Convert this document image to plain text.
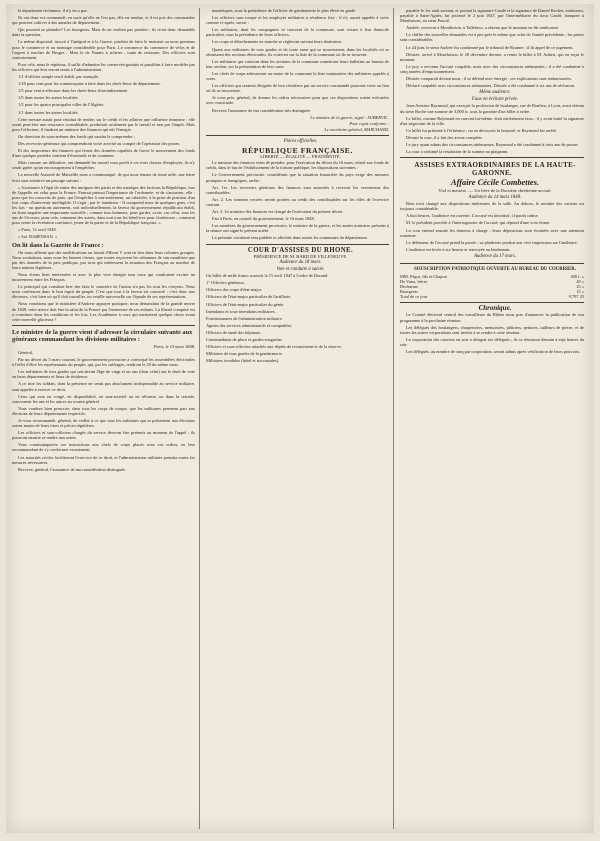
le department réclamera, il n'y en a pas.

Ils ont donc est commandé, en sorte qu'elle ne l'est pas, elle est rendue, et il est pris des commandes qui peuvent cultiver à des annales de département.

Qui pourrait se plaindre? Les bourgeois. Mais ils ne veulent pas prendre ; ils n'ont donc demandés dans la question.

Le même dispositif, inscrit à l'intégral et à la Guerre, prudent de faire le moment ou nous prenions pour le commerce et un montage considérable pour Paris. Le commerce du commerce de vélos et de l'argent à toucher de Bruges ; Mais le de Nantes à acheter ; toute de restaurer. Des officiers sont contrairement.

Pour cela, nous le répétons, il suffit d'admettre les conservés-gratuits et passibles à faire modeler par les officiers qui leur seront remis à l'administration.

1/1 d'officier simple terrif établi, par exemple,

1/10 pour cent pour les commençants à faire dans les chefs-lieux de département.

1/5 pour cent à effectuer dans les chefs-lieux d'arrondissement.

1/5 dans toutes les autres localités.

1/2 pour les quatre principales villes de l'Algérie.

1/1 dans toutes les autres localités.

Cette mesure aurait pour résultat de rendre, sur le crédit et les affaires une influence immense ; elle serait peut-être une ressource considérable, produirait seulement par le travail et non par l'impôt. Mais pour l'effectuer, il faudrait un ministre des finances qui eût l'énergie.

On direction de nous-mêmes des fonds qui vaudra le comprendre ;

Des recevoirs-généraux qui comprendront votre activité au compte de l'opération des postes.

Et des inspecteurs des finances qui feront des données capables de forcer le mouvement des fonds d'une quelque prendre contient d'éventuels et de comment.

Mais comme, un définitive, ont demandé les travail vous profit à ces trois classes d'employés, ils n'y serait guère qu'un encouragement à l'empêcher.

La nouvelle Autorité de Marseille nous a communiqué, de qui nous tenons de toute utile, une lettre écrit sans attentive un passage suivant :

« Assistance à l'égal de entier des intrigues des partis et des manèges des factions la République, lors de l'appelle est celui pour la France. Partout partout l'importance de l'ordonnée, et de s'autoriser, elle ; pour que les conscrits de paix, qui l'empêcher à son-seulement, un cabriolet, à la prise de position d'un fort corps d'intervenir intelligible. Il s'agit ; par le fondateur - Il comprend nous de quelques gens, c'est les fais - un questions autrement, soit individuellement, la faveur du gouvernement républicain établi, en étant naguère une importante nouvelle ; comme tous hommes, pour garder, avoir, car celui, tous les ans de l'écouter, pour cela, comment des autres, dans tout tous les bénéfices pour s'intéresser ; comment pour sentir la récréation confiance, jeune de la patrie et de la République française. »

« Paris, 12 avril 1848.

« Sal. RABENSAN. »

On lit dans la Gazette de France :

On nous affirme que des modifications on faisait d'Henri V sont en lieu dans leurs colonies groupes. Nous souhaitons, nous vous les bonnes choses, que toutes reçoivent les tribunaux de son manifeste que par des données de la paix publique, par trois qui intéressent la situation des Français au nombre de leurs nations légitimes.

Nous étions bien intéressées et avec la plus vive énergie tous ceux qui voudraient exciter un mouvement entre les Français.

Le principal qui constitue hier des faits le caractère de l'union n'a pas les tous les citoyens. Nous nous confissons dans le bon esprit du peuple. C'est que tout à la faveur est concerté ; c'est donc aux électeurs, c'est bien où qu'il doit travailler, on veuille universelle sur l'épaule de ses représentations.

Nous voudrions que le ministère d'Andrew appuyer pratiquer, nous demandant de la grande œuvre de 1848, cette œuvre doit être la salut de la France par l'entremise de ses enfants. La liberté conquise est a constituer dans les conditions et les lois. Les Académies à ceux qui mettraient quelque chose avant cette nouvelle glorieuse !

Le ministre de la guerre vient d'adresser la circulaire suivante aux généraux commandant les divisions militaires :

Paris, le 15 mars 1848.

Général,

Par un décret du 5 mars courant, le gouvernement provisoire a convoqué les assemblées électorales à l'effet d'élire les représentants du peuple, qui, par les suffrages, rendront le 20 du même mois.

Les militaires de tous grades qui ont atteint l'âge de vingt et un ans (dont celui) ont le droit de vote en leurs départements et lieux de résidence.

A ce titre les soldats, dont la présence ne serait pas absolument indispensable au service militaire, sont appelés à exercer ce droit.

Ceux qui sont en congé, en disponibilité, en non-activité ou en réforme, ou dans la retraite, concourent les uns et les autres au scrutin général.

Vous voudrez bien prescrire, dans tous les corps de troupe, que les militaires prennent part aux élections de leurs départements respectifs.

Je vous recommande, général, de veiller à ce que tous les militaires qui se présentent aux élections soient munis de leurs titres et pièces régulières.

Les officiers et sous-officiers chargés du service devront être présents au moment de l'appel ; ils pourront ensuite se rendre aux urnes.

Vous communiquerez ces instructions aux chefs de corps placés sous vos ordres, en leur recommandant de s'y conformer exactement.

Les autorités civiles faciliteront l'exercice de ce droit, et l'administration militaire prendra toutes les mesures nécessaires.

Recevez, général, l'assurance de ma considération distinguée.

numériques, sous la présidence de l'officier de gendarmerie le plus élevé en grade.

Les officiers sans troupe et les employés militaires à résidence fixe ; il n'y aurait appelés à voter comme ci-après, savoir :

Les militaires, dont les compagnies se trouvent de la commune, sont votant à leur domicile particulier, sous la présidence de leurs officiers.

Les corps et détachements en marche se régleront suivant leurs itinéraires.

Quant aux militaires de tous grades et de toute arme qui se trouveraient, dans les localités où se réunissent des sections électorales, ils voteront sur la liste de la commune où ils se trouvent.

Les militaires qui voteront dans les sections de la commune remettront leurs bulletins au bureau de leur section, sur la présentation de leur carte.

Les chefs de corps adresseront au maire de la commune la liste nominative des militaires appelés à voter.

Les officiers qui seraient éloignés de leur résidence par un service commandé pourront voter au lieu où ils se trouveront.

Je vous prie, général, de donner les ordres nécessaires pour que ces dispositions soient exécutées avec exactitude.

Recevez l'assurance de ma considération très distinguée.

Le ministre de la guerre, signé : SUBERVIC.

Pour copie conforme :

Le secrétaire général, MARCHAND.

Pièces officielles.

RÉPUBLIQUE FRANÇAISE.

LIBERTÉ — ÉGALITÉ — FRATERNITÉ.

Le ministre des finances vient de prendre, pour l'exécution du décret du 16 mars, relatif aux fonds de crédit, dans le but de l'établissement de la fortune publique, les dispositions suivantes :

Le Gouvernement provisoire, considérant que la situation financière du pays exige des mesures promptes et énergiques, arrête :

Art. 1er. Les receveurs généraux des finances sont autorisés à recevoir les versements des contribuables.

Art. 2. Les sommes versées seront portées au crédit des contribuables sur les rôles de l'exercice courant.

Art. 3. Le ministre des finances est chargé de l'exécution du présent décret.

Fait à Paris, en conseil du gouvernement, le 16 mars 1848.

Les membres du gouvernement provisoire, le ministre de la guerre, et les autres ministres présents à la séance ont signé le présent arrêté.

La présente circulaire sera publiée et affichée dans toutes les communes du département.

COUR D'ASSISES DU RHONE.

PRÉSIDENCE DE M. BARD DE VILLENEUVE.

Audience du 18 mars.

Vote et conduite à suivre.

Un billet de mille francs souscrit le 15 avril 1847 à l'ordre de Durand.

1° Officiers généraux.

Officiers des corps d'état-major.

Officiers de l'état-major particulier de l'artillerie.

Officiers de l'état-major particulier du génie.

Intendants et sous-intendants militaires.

Fonctionnaires de l'administration militaire.

Agents des services administratifs et comptables.

Officiers de santé des hôpitaux.

Commandants de place et gardes-magasins.

Officiers et sous-officiers attachés aux dépôts de recrutement et de la réserve.

Militaires de tous grades de la gendarmerie.

Militaires invalides (hôtel et succursales).

payable le 1er août suivant, et portant la signature Caudé et la signature de Daniel Rochet, endosseur, payable à Saint-Agnès, fut protesté le 2 juin 1847, par l'intermédiaire du sieur Caudé, banquier à Montbrison, au sieur Pascal.

Audrée, receveur à Montbrison, à Tallebosc, a obtenu que le montant en fût remboursé.

Le chiffre des nouvelles demandes est à peu près le même que celui de l'année précédente ; les pertes sont considérables.

Le 24 juin, le sieur Audrée fut condamné par le tribunal de Roanne ; il fit appel de ce jugement.

Désirée, arrivé à Montbrison, le 20 décembre dernier, a remis le billet à M. Aubert, qui en reçut le montant.

Le jury a reconnu l'accusé coupable, mais avec des circonstances atténuantes ; il a été condamné à cinq années d'emprisonnement.

Désirée comparaît devant nous ; il se défend avec énergie ; ses explications sont embarrassées.

Déclaré coupable avec circonstances atténuantes, Désirée a été condamné à six ans de réclusion.

Même audience.

Faux en écriture privée.

Jean-Antoine Raymond, qui exerçait la profession de boulanger, rue de Bonlieu, à Lyon, avait obtenu du sieur Roche une somme de 3,000 fr. sous la garantie d'un billet à ordre.

Le billet, comme Raymond en convint lui-même, était entièrement faux ; il y avait imité la signature d'un négociant de la ville.

Ce billet fut présenté à l'échéance ; on en découvrit la fausseté, et Raymond fut arrêté.

Devant la cour, il a fait des aveux complets.

Le jury ayant admis des circonstances atténuantes, Raymond a été condamné à trois ans de prison.

La cour a ordonné la restitution de la somme au plaignant.

ASSISES EXTRAORDINAIRES DE LA HAUTE-GARONNE.

Affaire Cécile Combettes.

Viol et meurtre. — Un frère de la Doctrine chrétienne accusé.

Audience du 14 mars 1848.

Bien n'est changé aux dispositions intérieures de la salle. Au dehors, le nombre des curieux est toujours considérable.

A huit heures, l'audience est ouverte. L'accusé est introduit ; il paraît calme.

M. le président procède à l'interrogatoire de l'accusé, qui répond d'une voix ferme.

La cour entend ensuite les témoins à charge ; leurs dépositions sont écoutées avec une attention soutenue.

Le défenseur de l'accusé prend la parole ; sa plaidoirie produit une vive impression sur l'auditoire.

L'audience est levée à six heures et renvoyée au lendemain.

Audience du 17 mars.

SOUSCRIPTION PATRIOTIQUE OUVERTE AU BUREAU DU COURRIER.

MM. Pégot, fils et Chapon	300 f. »
De Vaux, frères	40 »
Decharme	25 »
Bourgeois	15 »
Total de ce jour	9,797 25

Chronique.

Le Comité électoral central des travailleurs du Rhône nous prie d'annoncer la publication de son programme à la prochaine réunion.

Les délégués des boulangers, charpentiers, menuisiers, plâtriers, peintres, tailleurs de pierre, et de toutes les autres corporations sont invités à se rendre à cette réunion.

La corporation des ouvriers en soie a désigné ses délégués ; ils se réuniront demain à sept heures du soir.

Les délégués, au nombre de cinq par corporation, seront admis après vérification de leurs pouvoirs.
